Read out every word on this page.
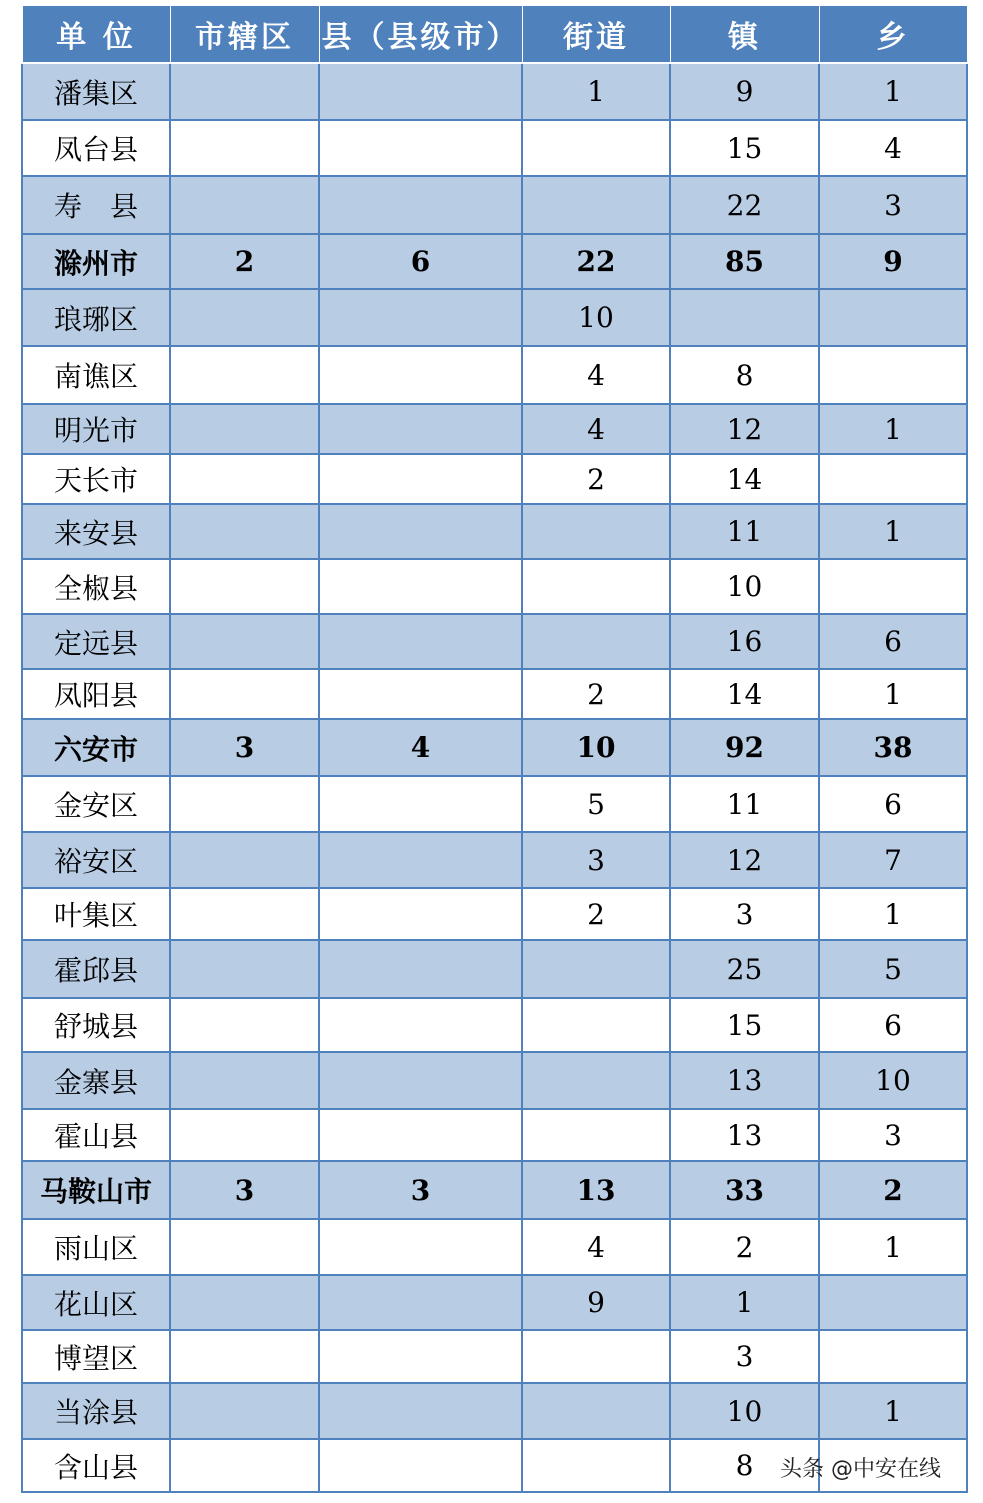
单 位	市辖区	县（县级市）	街道	镇	乡
潘集区			1	9	1
凤台县				15	4
寿　县				22	3
滁州市	2	6	22	85	9
琅琊区			10		
南谯区			4	8	
明光市			4	12	1
天长市			2	14	
来安县				11	1
全椒县				10	
定远县				16	6
凤阳县			2	14	1
六安市	3	4	10	92	38
金安区			5	11	6
裕安区			3	12	7
叶集区			2	3	1
霍邱县				25	5
舒城县				15	6
金寨县				13	10
霍山县				13	3
马鞍山市	3	3	13	33	2
雨山区			4	2	1
花山区			9	1	
博望区				3	
当涂县				10	1
含山县				8	头条 @中安在线
